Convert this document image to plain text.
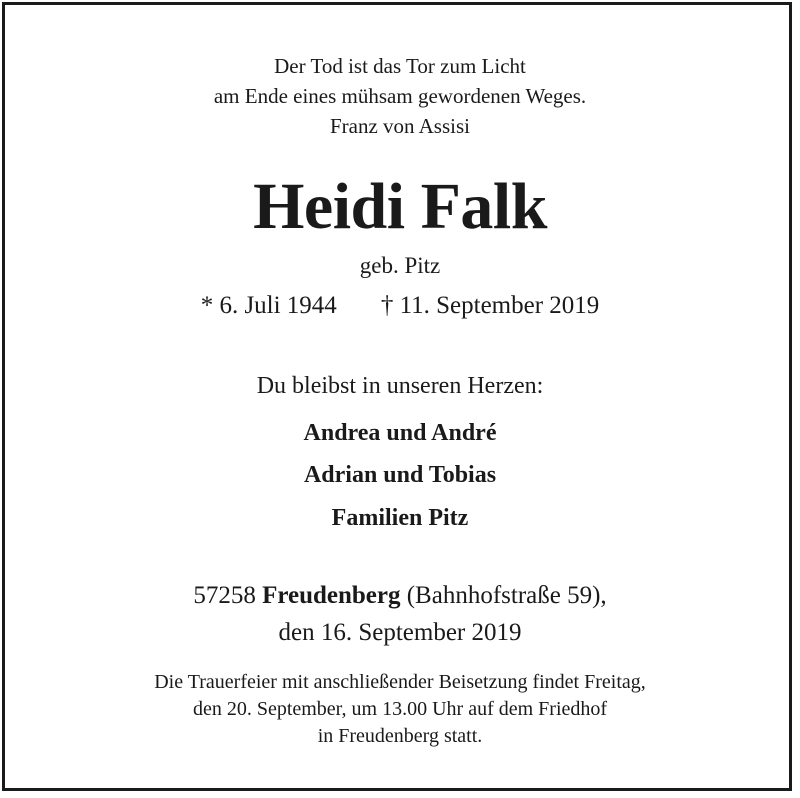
Der Tod ist das Tor zum Licht
am Ende eines mühsam gewordenen Weges.
Franz von Assisi
Heidi Falk
geb. Pitz
* 6. Juli 1944 † 11. September 2019
Du bleibst in unseren Herzen:
Andrea und André
Adrian und Tobias
Familien Pitz
57258 Freudenberg (Bahnhofstraße 59),
den 16. September 2019
Die Trauerfeier mit anschließender Beisetzung findet Freitag,
den 20. September, um 13.00 Uhr auf dem Friedhof
in Freudenberg statt.
